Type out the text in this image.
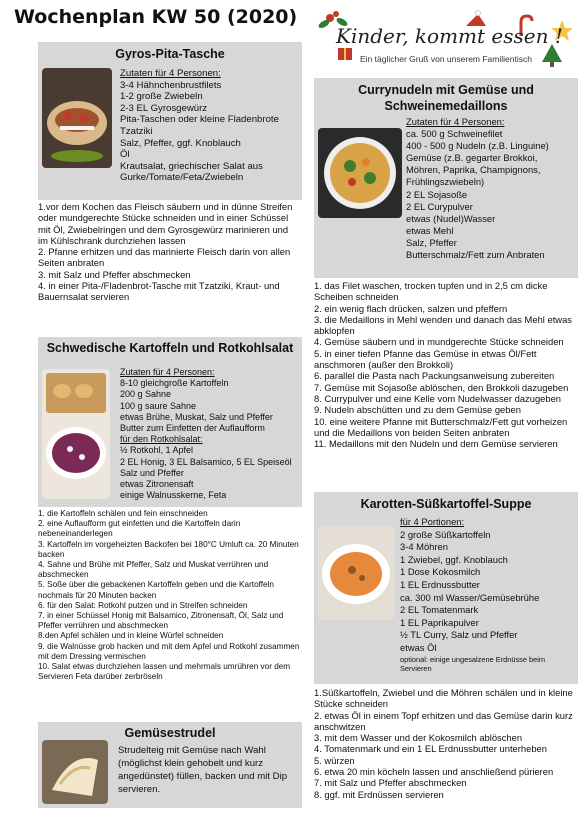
Wochenplan KW 50 (2020)
Kinder, kommt essen !
Ein täglicher Gruß von unserem Familientisch
Gyros-Pita-Tasche
Zutaten für 4 Personen:
3-4 Hähnchenbrustfilets
1-2 große Zwiebeln
2-3 EL Gyrosgewürz
Pita-Taschen oder kleine Fladenbrote
Tzatziki
Salz, Pfeffer, ggf. Knoblauch
Öl
Krautsalat, griechischer Salat aus
Gurke/Tomate/Feta/Zwiebeln
1.vor dem Kochen das Fleisch säubern und in dünne Streifen oder mundgerechte Stücke schneiden und in einer Schüssel mit Öl, Zwiebelringen und dem Gyrosgewürz marinieren und im Kühlschrank durchziehen lassen
2. Pfanne erhitzen und das marinierte Fleisch darin von allen Seiten anbraten
3. mit Salz und Pfeffer abschmecken
4. in einer Pita-/Fladenbrot-Tasche mit Tzatziki, Kraut- und Bauernsalat servieren
Schwedische Kartoffeln und Rotkohlsalat
Zutaten für 4 Personen:
8-10 gleichgroße Kartoffeln
200 g Sahne
100 g saure Sahne
etwas Brühe, Muskat, Salz und Pfeffer
Butter zum Einfetten der Auflaufform
für den Rotkohlsalat:
½ Rotkohl, 1 Apfel
2 EL Honig, 3 EL Balsamico, 5 EL Speiseöl
Salz und Pfeffer
etwas Zitronensaft
einige Walnusskerne, Feta
1. die Kartoffeln schälen und fein einschneiden
2. eine Auflaufform gut einfetten und die Kartoffeln darin nebeneinanderlegen
3. Kartoffeln im vorgeheizten Backofen bei 180°C Umluft ca. 20 Minuten backen
4. Sahne und Brühe mit Pfeffer, Salz und Muskat verrühren und abschmecken
5. Soße über die gebackenen Kartoffeln geben und die Kartoffeln nochmals für 20 Minuten backen
6. für den Salat: Rotkohl putzen und in Streifen schneiden
7. in einer Schüssel Honig mit Balsamico, Zitronensaft, Öl, Salz und Pfeffer verrühren und abschmecken
8.den Apfel schälen und in kleine Würfel schneiden
9. die Walnüsse grob hacken und mit dem Apfel und Rotkohl zusammen mit dem Dressing vermischen
10. Salat etwas durchziehen lassen und mehrmals umrühren vor dem Servieren Feta darüber zerbröseln
Gemüsestrudel
Strudelteig mit Gemüse nach Wahl (möglichst klein gehobelt und kurz angedünstet) füllen, backen und mit Dip servieren.
Currynudeln mit Gemüse und
Schweinemedaillons
Zutaten für 4 Personen:
ca. 500 g Schweinefilet
400 - 500 g Nudeln (z.B. Linguine)
Gemüse (z.B. gegarter Brokkoi,
Möhren, Paprika, Champignons,
Frühlingszwiebeln)
2 EL Sojasoße
2 EL Curypulver
etwas (Nudel)Wasser
etwas Mehl
Salz, Pfeffer
Butterschmalz/Fett zum Anbraten
1. das Filet waschen, trocken tupfen und in 2,5 cm dicke Scheiben schneiden
2. ein wenig flach drücken, salzen und pfeffern
3. die Medaillons in Mehl wenden und danach das Mehl etwas abklopfen
4. Gemüse säubern und in mundgerechte Stücke schneiden
5. in einer tiefen Pfanne das Gemüse in etwas Öl/Fett anschmoren (außer den Brokkoli)
6. parallel die Pasta nach Packungsanweisung zubereiten
7. Gemüse mit Sojasoße ablöschen, den Brokkoli dazugeben
8. Currypulver und eine Kelle vom Nudelwasser dazugeben
9. Nudeln abschütten und zu dem Gemüse geben
10. eine weitere Pfanne mit Butterschmalz/Fett gut vorheizen und die Medaillons von beiden Seiten anbraten
11. Medaillons mit den Nudeln und dem Gemüse servieren
Karotten-Süßkartoffel-Suppe
für 4 Portionen:
2 große Süßkartoffeln
3-4 Möhren
1 Zwiebel, ggf. Knoblauch
1 Dose Kokosmilch
1 EL Erdnussbutter
ca. 300 ml Wasser/Gemüsebrühe
2 EL Tomatenmark
1 EL Paprikapulver
½ TL Curry, Salz und Pfeffer
etwas Öl
optional: einige ungesalzene Erdnüsse beim Servieren
1.Süßkartoffeln, Zwiebel und die Möhren schälen und in kleine Stücke schneiden
2. etwas Öl in einem Topf erhitzen und das Gemüse darin kurz anschwitzen
3. mit dem Wasser und der Kokosmilch ablöschen
4. Tomatenmark und ein 1 EL Erdnussbutter unterheben
5. würzen
6. etwa 20 min köcheln lassen und anschließend pürieren
7. mit Salz und Pfeffer abschmecken
8. ggf. mit Erdnüssen servieren
